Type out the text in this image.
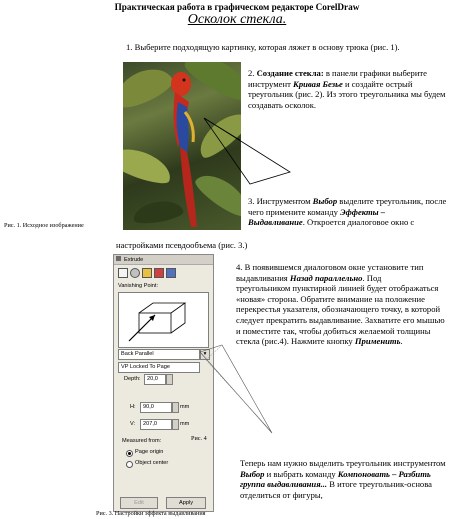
Практическая работа в графическом редакторе CorelDraw
Осколок стекла.
1. Выберите подходящую картинку, которая ляжет в основу трюка (рис. 1).
2. Создание стекла: в панели графики выберите
инструмент Кривая Безье и создайте острый
треугольник (рис. 2). Из этого треугольника мы будем
создавать осколок.
3. Инструментом Выбор выделите треугольник, после
чего примените команду Эффекты –
Выдавливание. Откроется диалоговое окно с
Рис. 1. Исходное изображение
настройками псевдообъема (рис. 3.)
Extrude
Vanishing Point:
Back Parallel	▾
VP Locked To Page
Depth: 20,0
H: 90,0	mm
V: 207,0	mm
Measured from:
Page origin
Object center
Edit	Apply
4. В появившемся диалоговом окне установите тип
выдавливания Назад параллельно. Под
треугольником пунктирной линией будет отображаться
«новая» сторона. Обратите внимание на положение
перекрестья указателя, обозначающего точку, в которой
следует прекратить выдавливание. Захватите его мышью
и поместите так, чтобы добиться желаемой толщины
стекла (рис.4). Нажмите кнопку Применить.
Рис. 4
Теперь нам нужно выделить треугольник инструментом
Выбор и выбрать команду Компоновать – Разбить
группа выдавливания... В итоге треугольник-основа
отделиться от фигуры,
Рис. 3. Настройки эффекта выдавливания
